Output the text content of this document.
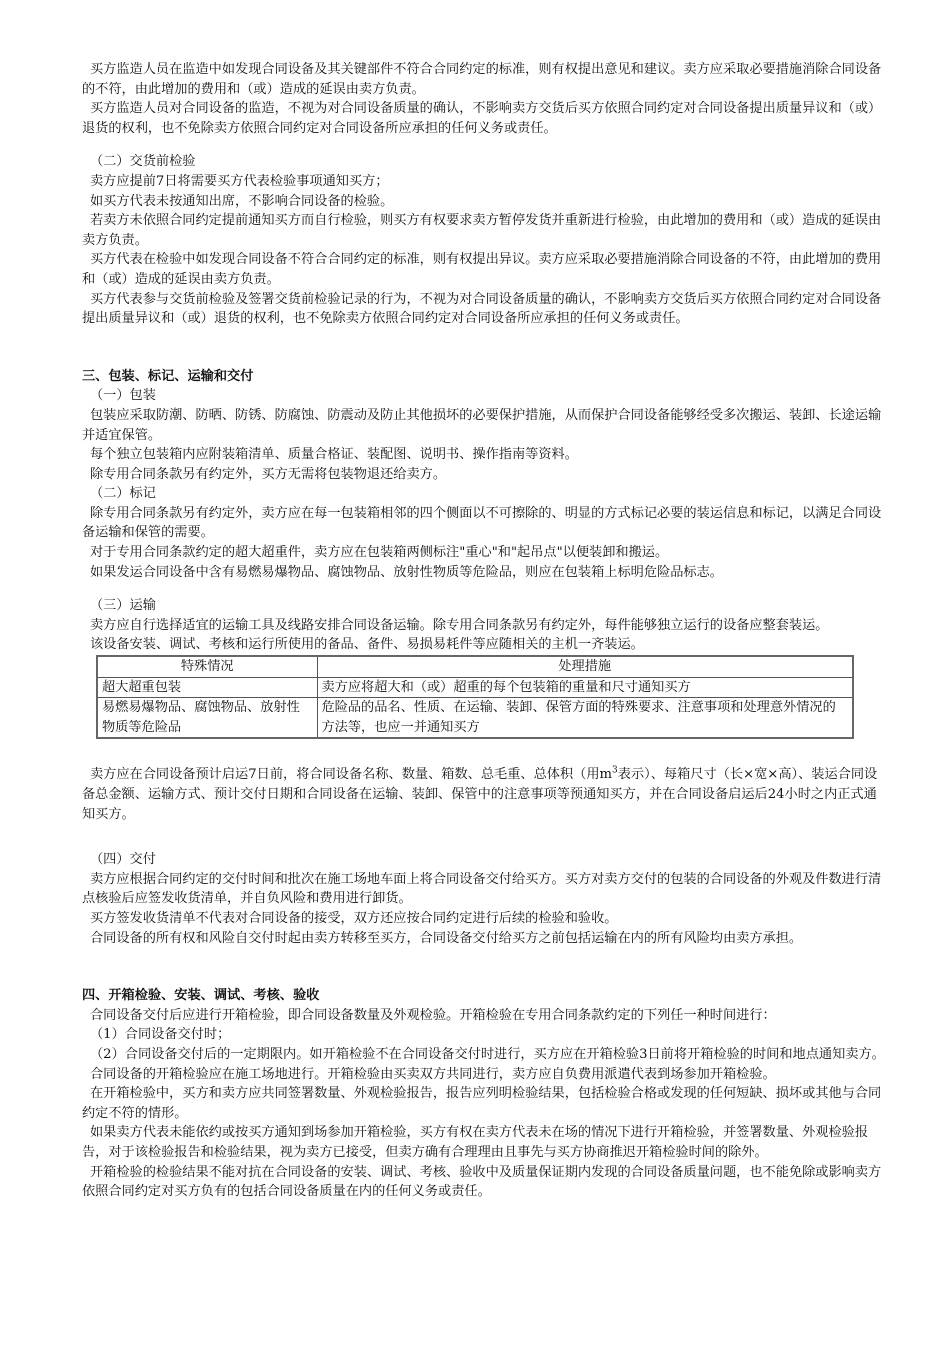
买方监造人员在监造中如发现合同设备及其关键部件不符合合同约定的标准，则有权提出意见和建议。卖方应采取必要措施消除合同设备的不符，由此增加的费用和（或）造成的延误由卖方负责。

买方监造人员对合同设备的监造，不视为对合同设备质量的确认，不影响卖方交货后买方依照合同约定对合同设备提出质量异议和（或）退货的权利，也不免除卖方依照合同约定对合同设备所应承担的任何义务或责任。

（二）交货前检验

卖方应提前7日将需要买方代表检验事项通知买方；

如买方代表未按通知出席，不影响合同设备的检验。

若卖方未依照合同约定提前通知买方而自行检验，则买方有权要求卖方暂停发货并重新进行检验，由此增加的费用和（或）造成的延误由卖方负责。

买方代表在检验中如发现合同设备不符合合同约定的标准，则有权提出异议。卖方应采取必要措施消除合同设备的不符，由此增加的费用和（或）造成的延误由卖方负责。

买方代表参与交货前检验及签署交货前检验记录的行为，不视为对合同设备质量的确认，不影响卖方交货后买方依照合同约定对合同设备提出质量异议和（或）退货的权利，也不免除卖方依照合同约定对合同设备所应承担的任何义务或责任。

三、包装、标记、运输和交付

（一）包装

包装应采取防潮、防晒、防锈、防腐蚀、防震动及防止其他损坏的必要保护措施，从而保护合同设备能够经受多次搬运、装卸、长途运输并适宜保管。

每个独立包装箱内应附装箱清单、质量合格证、装配图、说明书、操作指南等资料。

除专用合同条款另有约定外，买方无需将包装物退还给卖方。

（二）标记

除专用合同条款另有约定外，卖方应在每一包装箱相邻的四个侧面以不可擦除的、明显的方式标记必要的装运信息和标记，以满足合同设备运输和保管的需要。

对于专用合同条款约定的超大超重件，卖方应在包装箱两侧标注"重心"和"起吊点"以便装卸和搬运。

如果发运合同设备中含有易燃易爆物品、腐蚀物品、放射性物质等危险品，则应在包装箱上标明危险品标志。

（三）运输

卖方应自行选择适宜的运输工具及线路安排合同设备运输。除专用合同条款另有约定外，每件能够独立运行的设备应整套装运。

该设备安装、调试、考核和运行所使用的备品、备件、易损易耗件等应随相关的主机一齐装运。

特殊情况	处理措施
超大超重包装	卖方应将超大和（或）超重的每个包装箱的重量和尺寸通知买方
易燃易爆物品、腐蚀物品、放射性物质等危险品	危险品的品名、性质、在运输、装卸、保管方面的特殊要求、注意事项和处理意外情况的方法等，也应一并通知买方

卖方应在合同设备预计启运7日前，将合同设备名称、数量、箱数、总毛重、总体积（用$m^3$表示）、每箱尺寸（长×宽×高）、装运合同设备总金额、运输方式、预计交付日期和合同设备在运输、装卸、保管中的注意事项等预通知买方，并在合同设备启运后24小时之内正式通知买方。

（四）交付

卖方应根据合同约定的交付时间和批次在施工场地车面上将合同设备交付给买方。买方对卖方交付的包装的合同设备的外观及件数进行清点核验后应签发收货清单，并自负风险和费用进行卸货。

买方签发收货清单不代表对合同设备的接受，双方还应按合同约定进行后续的检验和验收。

合同设备的所有权和风险自交付时起由卖方转移至买方，合同设备交付给买方之前包括运输在内的所有风险均由卖方承担。

四、开箱检验、安装、调试、考核、验收

合同设备交付后应进行开箱检验，即合同设备数量及外观检验。开箱检验在专用合同条款约定的下列任一种时间进行：

（1）合同设备交付时；

（2）合同设备交付后的一定期限内。如开箱检验不在合同设备交付时进行，买方应在开箱检验3日前将开箱检验的时间和地点通知卖方。

合同设备的开箱检验应在施工场地进行。开箱检验由买卖双方共同进行，卖方应自负费用派遣代表到场参加开箱检验。

在开箱检验中，买方和卖方应共同签署数量、外观检验报告，报告应列明检验结果，包括检验合格或发现的任何短缺、损坏或其他与合同约定不符的情形。

如果卖方代表未能依约或按买方通知到场参加开箱检验，买方有权在卖方代表未在场的情况下进行开箱检验，并签署数量、外观检验报告，对于该检验报告和检验结果，视为卖方已接受，但卖方确有合理理由且事先与买方协商推迟开箱检验时间的除外。

开箱检验的检验结果不能对抗在合同设备的安装、调试、考核、验收中及质量保证期内发现的合同设备质量问题，也不能免除或影响卖方依照合同约定对买方负有的包括合同设备质量在内的任何义务或责任。
